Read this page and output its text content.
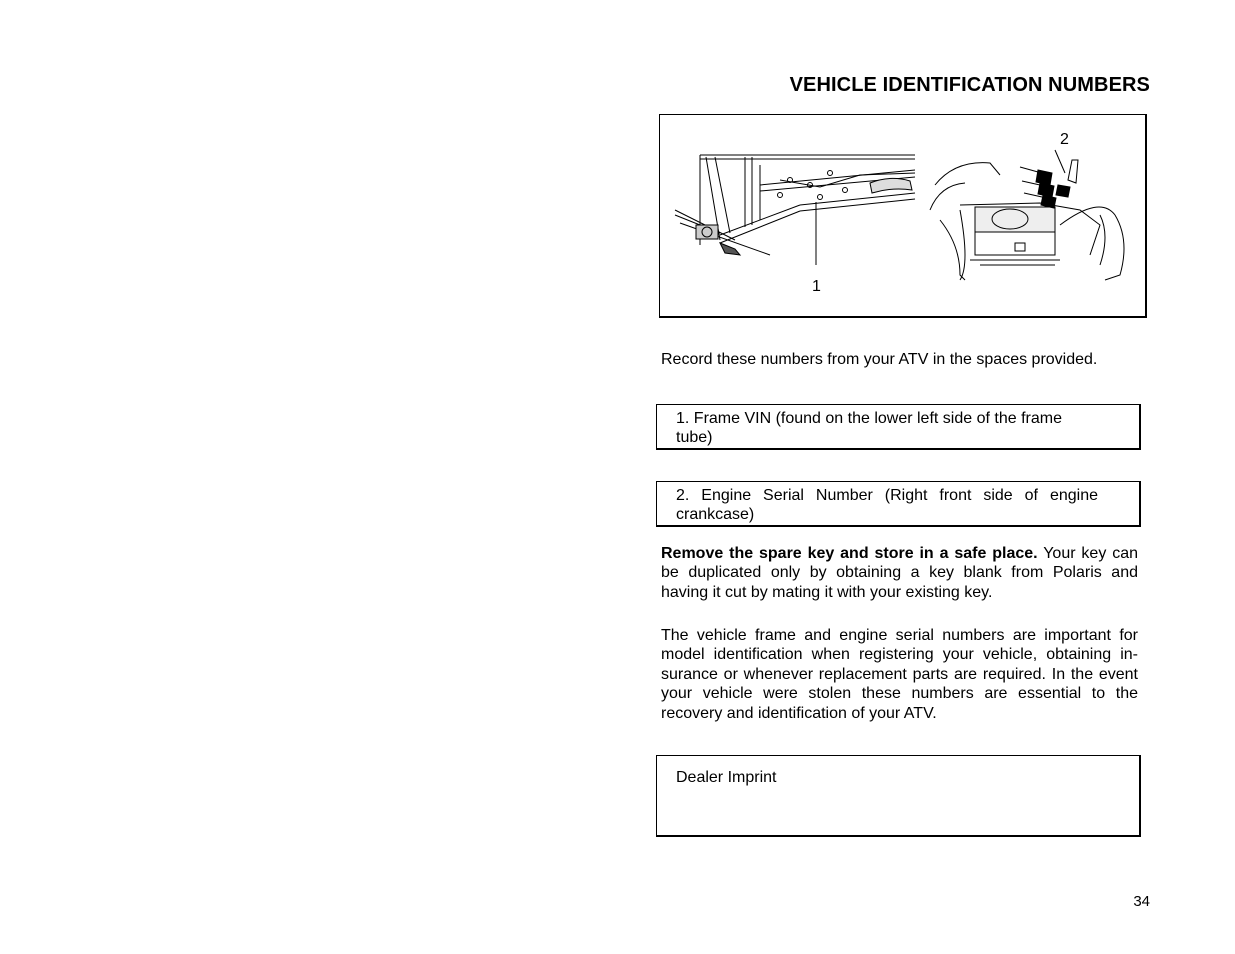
VEHICLE IDENTIFICATION NUMBERS
1
2

Record these numbers from your ATV in the spaces provided.

1. Frame VIN (found on the lower left side of the frame tube)
2. Engine Serial Number (Right front side of engine crankcase)

Remove the spare key and store in a safe place. Your key can be duplicated only by obtaining a key blank from Polaris and having it cut by mating it with your existing key.

The vehicle frame and engine serial numbers are important for model identification when registering your vehicle, obtaining in-surance or whenever replacement parts are required. In the event your vehicle were stolen these numbers are essential to the recovery and identification of your ATV.

Dealer Imprint
34
